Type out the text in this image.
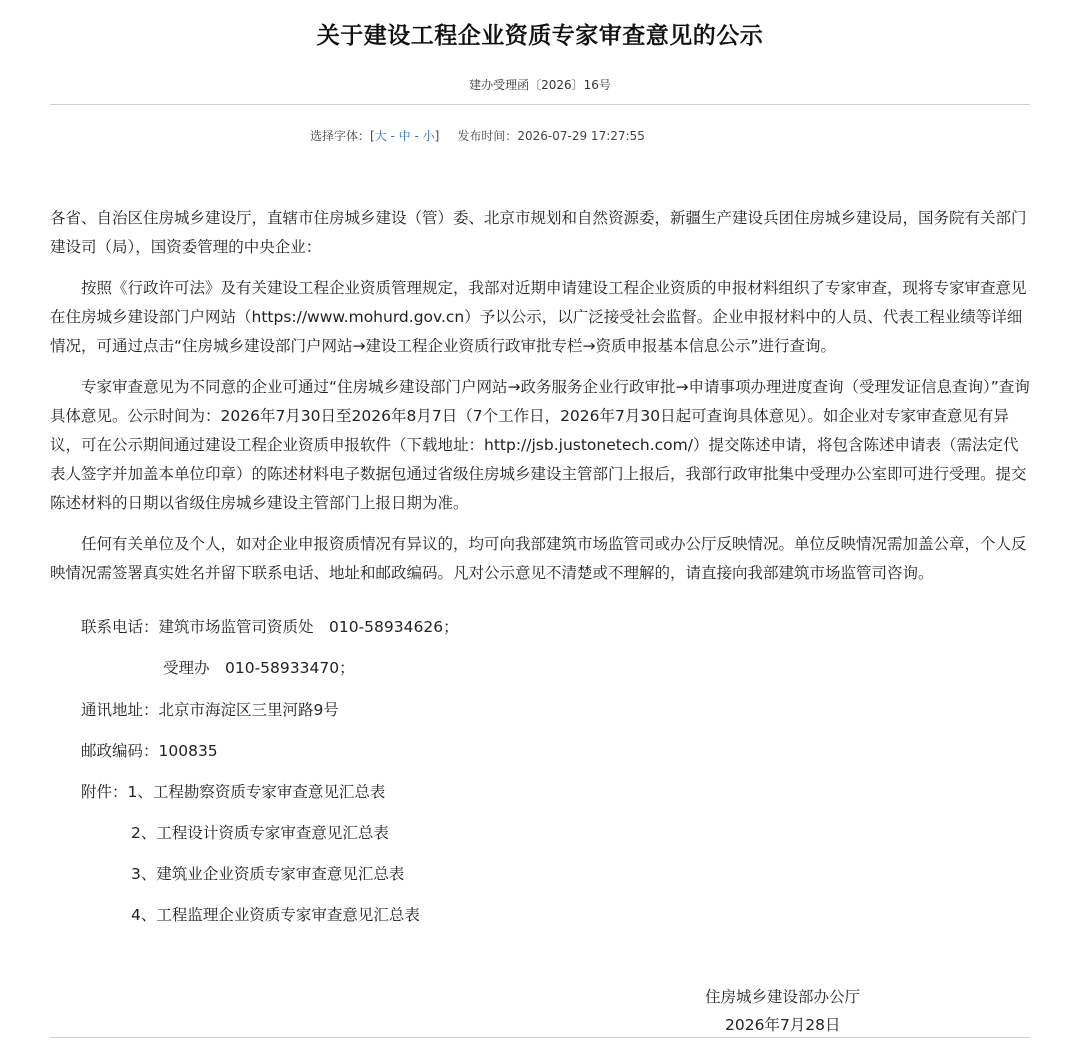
关于建设工程企业资质专家审查意见的公示
建办受理函〔2026〕16号
选择字体：[大 - 中 - 小] 发布时间：2026-07-29 17:27:55

各省、自治区住房城乡建设厅，直辖市住房城乡建设（管）委、北京市规划和自然资源委，新疆生产建设兵团住房城乡建设局，国务院有关部门建设司（局），国资委管理的中央企业：

按照《行政许可法》及有关建设工程企业资质管理规定，我部对近期申请建设工程企业资质的申报材料组织了专家审查，现将专家审查意见在住房城乡建设部门户网站（https://www.mohurd.gov.cn）予以公示，以广泛接受社会监督。企业申报材料中的人员、代表工程业绩等详细情况，可通过点击“住房城乡建设部门户网站→建设工程企业资质行政审批专栏→资质申报基本信息公示”进行查询。

专家审查意见为不同意的企业可通过“住房城乡建设部门户网站→政务服务企业行政审批→申请事项办理进度查询（受理发证信息查询）”查询具体意见。公示时间为：2026年7月30日至2026年8月7日（7个工作日，2026年7月30日起可查询具体意见）。如企业对专家审查意见有异议，可在公示期间通过建设工程企业资质申报软件（下载地址：http://jsb.justonetech.com/）提交陈述申请，将包含陈述申请表（需法定代表人签字并加盖本单位印章）的陈述材料电子数据包通过省级住房城乡建设主管部门上报后，我部行政审批集中受理办公室即可进行受理。提交陈述材料的日期以省级住房城乡建设主管部门上报日期为准。

任何有关单位及个人，如对企业申报资质情况有异议的，均可向我部建筑市场监管司或办公厅反映情况。单位反映情况需加盖公章，个人反映情况需签署真实姓名并留下联系电话、地址和邮政编码。凡对公示意见不清楚或不理解的，请直接向我部建筑市场监管司咨询。

联系电话：建筑市场监管司资质处　010-58934626；
受理办　010-58933470；
通讯地址：北京市海淀区三里河路9号
邮政编码：100835
附件：1、工程勘察资质专家审查意见汇总表
2、工程设计资质专家审查意见汇总表
3、建筑业企业资质专家审查意见汇总表
4、工程监理企业资质专家审查意见汇总表
住房城乡建设部办公厅
2026年7月28日
